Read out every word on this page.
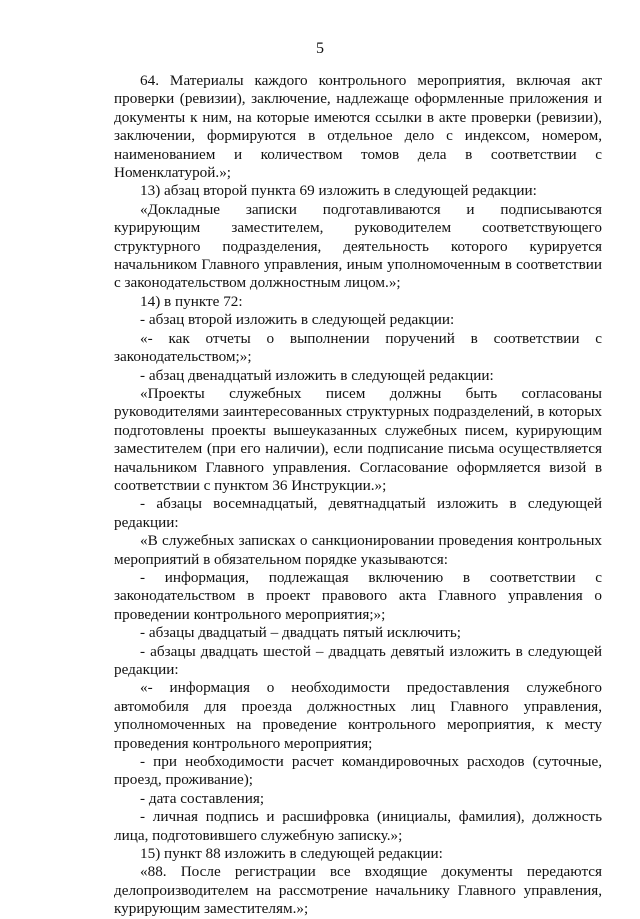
5

64. Материалы каждого контрольного мероприятия, включая акт проверки (ревизии), заключение, надлежаще оформленные приложения и документы к ним, на которые имеются ссылки в акте проверки (ревизии), заключении, формируются в отдельное дело с индексом, номером, наименованием и количеством томов дела в соответствии с Номенклатурой.»;

13) абзац второй пункта 69 изложить в следующей редакции:

«Докладные записки подготавливаются и подписываются курирующим заместителем, руководителем соответствующего структурного подразделения, деятельность которого курируется начальником Главного управления, иным уполномоченным в соответствии с законодательством должностным лицом.»;

14) в пункте 72:

- абзац второй изложить в следующей редакции:

«- как отчеты о выполнении поручений в соответствии с законодательством;»;

- абзац двенадцатый изложить в следующей редакции:

«Проекты служебных писем должны быть согласованы руководителями заинтересованных структурных подразделений, в которых подготовлены проекты вышеуказанных служебных писем, курирующим заместителем (при его наличии), если подписание письма осуществляется начальником Главного управления. Согласование оформляется визой в соответствии с пунктом 36 Инструкции.»;

- абзацы восемнадцатый, девятнадцатый изложить в следующей редакции:

«В служебных записках о санкционировании проведения контрольных мероприятий в обязательном порядке указываются:

- информация, подлежащая включению в соответствии с законодательством в проект правового акта Главного управления о проведении контрольного мероприятия;»;

- абзацы двадцатый – двадцать пятый исключить;

- абзацы двадцать шестой – двадцать девятый изложить в следующей редакции:

«- информация о необходимости предоставления служебного автомобиля для проезда должностных лиц Главного управления, уполномоченных на проведение контрольного мероприятия, к месту проведения контрольного мероприятия;

- при необходимости расчет командировочных расходов (суточные, проезд, проживание);

- дата составления;

- личная подпись и расшифровка (инициалы, фамилия), должность лица, подготовившего служебную записку.»;

15) пункт 88 изложить в следующей редакции:

«88. После регистрации все входящие документы передаются делопроизводителем на рассмотрение начальнику Главного управления, курирующим заместителям.»;
